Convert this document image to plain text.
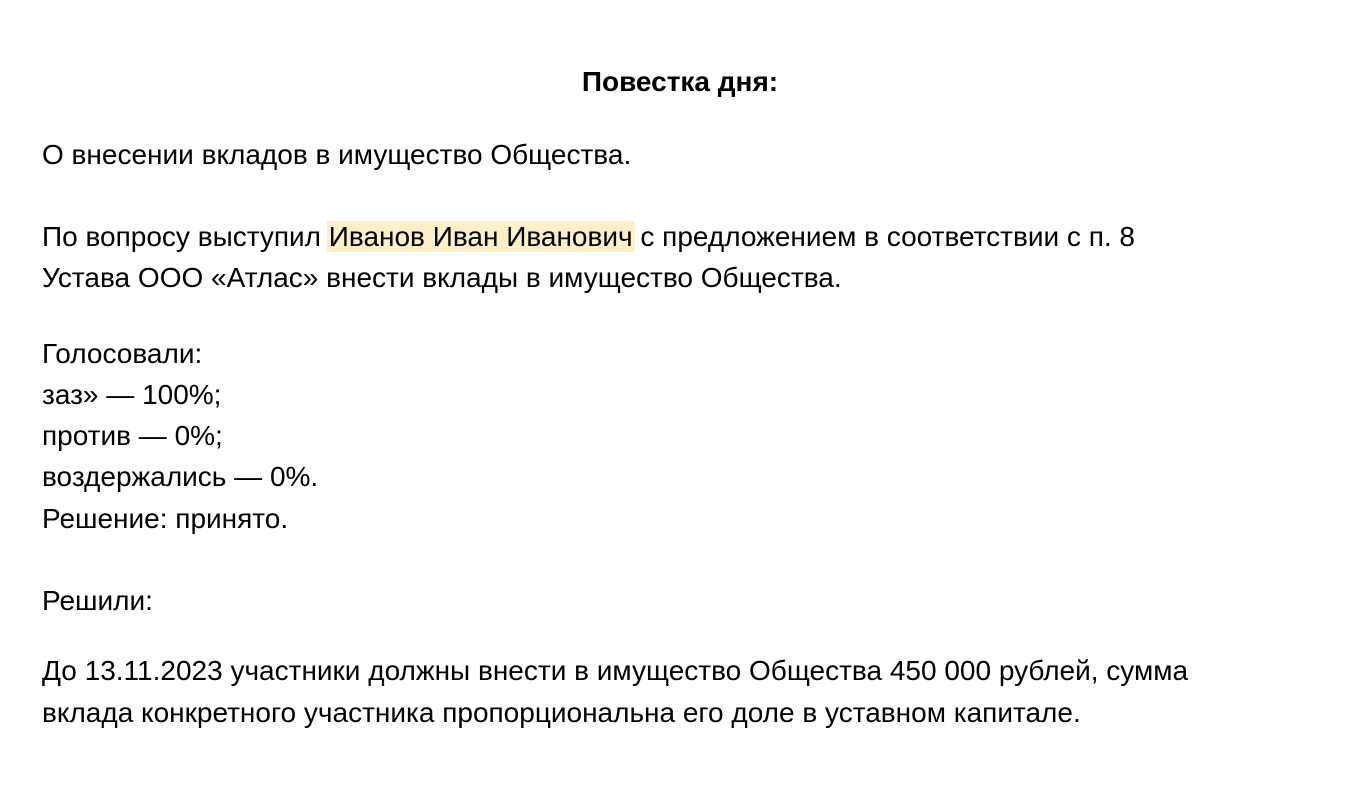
Повестка дня:
О внесении вкладов в имущество Общества.
По вопросу выступил Иванов Иван Иванович с предложением в соответствии с п. 8
Устава ООО «Атлас» внести вклады в имущество Общества.
Голосовали:
заз» — 100%;
против — 0%;
воздержались — 0%.
Решение: принято.
Решили:
До 13.11.2023 участники должны внести в имущество Общества 450 000 рублей, сумма
вклада конкретного участника пропорциональна его доле в уставном капитале.
